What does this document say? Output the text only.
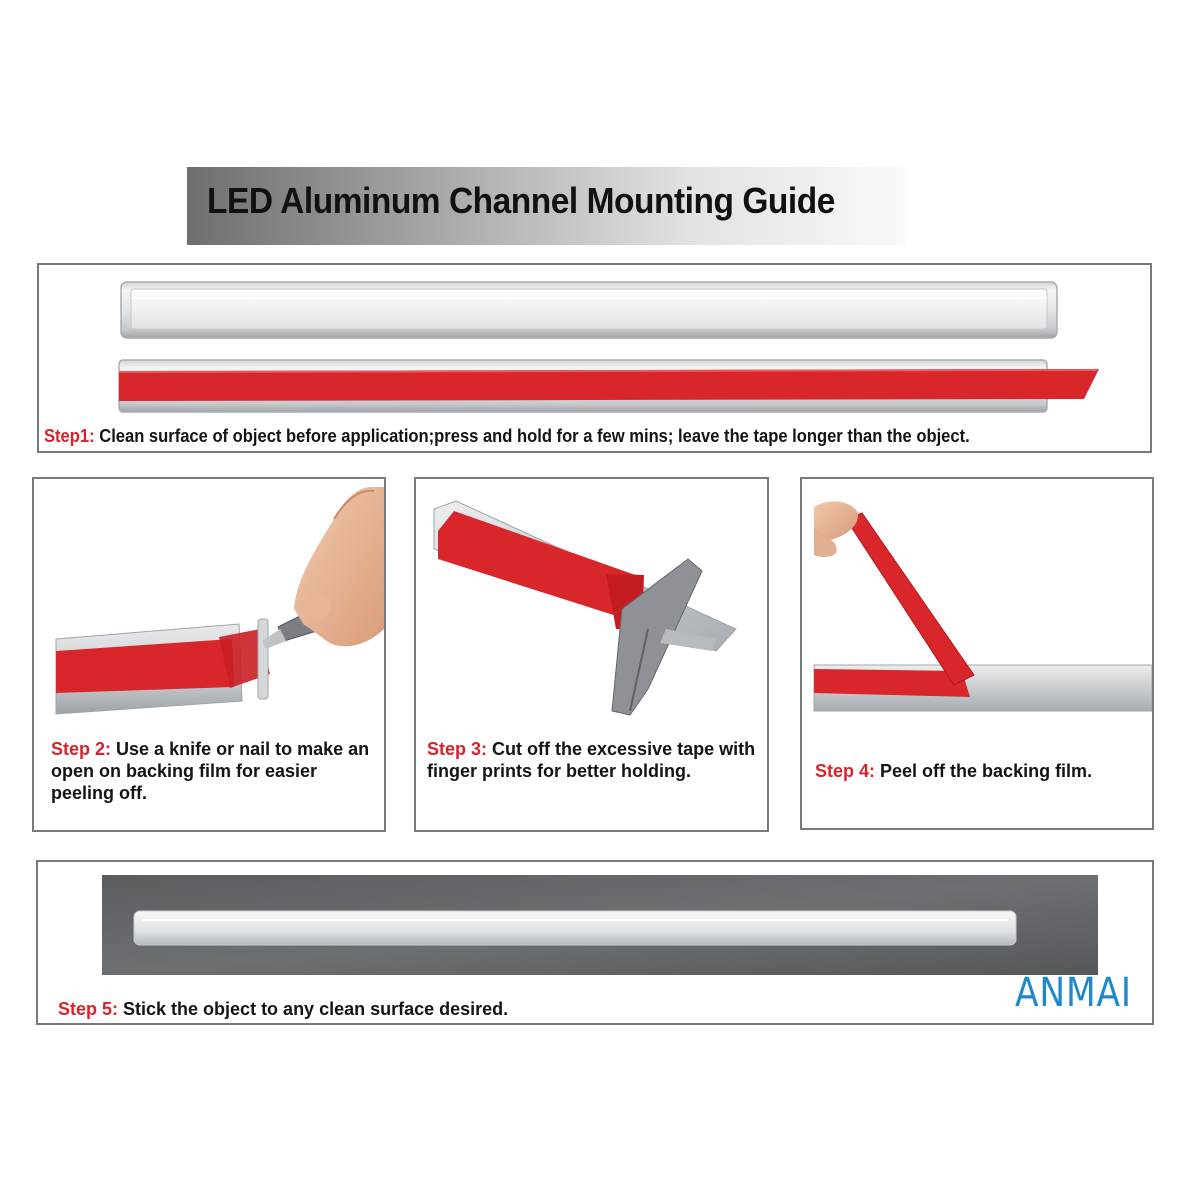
LED Aluminum Channel Mounting Guide
Step1: Clean surface of object before application;press and hold for a few mins; leave the tape longer than the object.
Step 2: Use a knife or nail to make an open on backing film for easier peeling off.
Step 3: Cut off the excessive tape with finger prints for better holding.	Step 4: Peel off the backing film.
Step 5: Stick the object to any clean surface desired.	ANMAI
